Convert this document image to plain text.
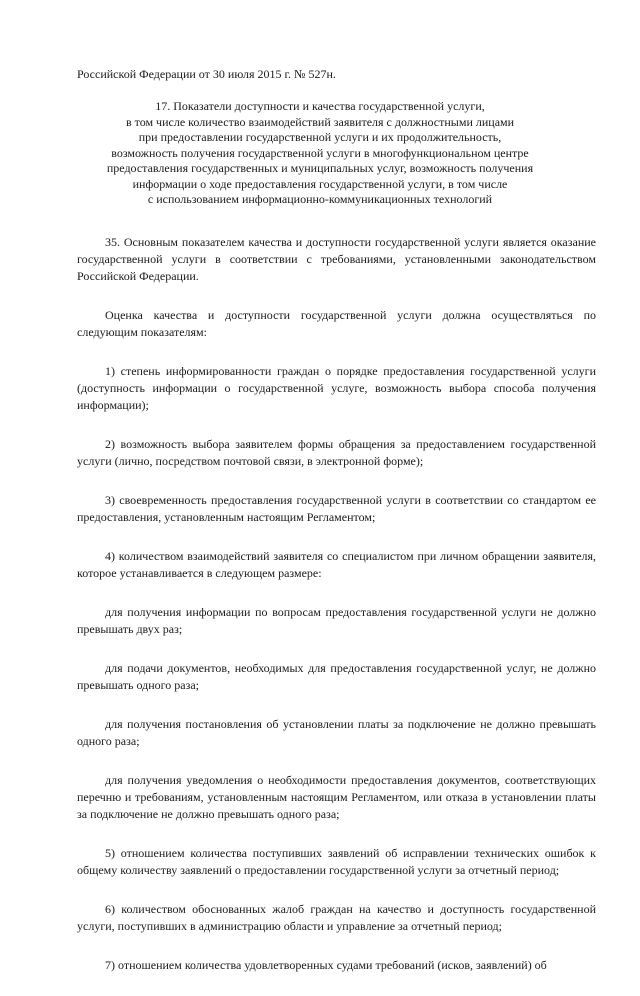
Российской Федерации от 30 июля 2015 г. № 527н.
17. Показатели доступности и качества государственной услуги,
в том числе количество взаимодействий заявителя с должностными лицами
при предоставлении государственной услуги и их продолжительность,
возможность получения государственной услуги в многофункциональном центре
предоставления государственных и муниципальных услуг, возможность получения
информации о ходе предоставления государственной услуги, в том числе
с использованием информационно-коммуникационных технологий

35. Основным показателем качества и доступности государственной услуги является оказание государственной услуги в соответствии с требованиями, установленными законодательством Российской Федерации.

Оценка качества и доступности государственной услуги должна осуществляться по следующим показателям:

1) степень информированности граждан о порядке предоставления государственной услуги (доступность информации о государственной услуге, возможность выбора способа получения информации);

2) возможность выбора заявителем формы обращения за предоставлением государственной услуги (лично, посредством почтовой связи, в электронной форме);

3) своевременность предоставления государственной услуги в соответствии со стандартом ее предоставления, установленным настоящим Регламентом;

4) количеством взаимодействий заявителя со специалистом при личном обращении заявителя, которое устанавливается в следующем размере:

для получения информации по вопросам предоставления государственной услуги не должно превышать двух раз;

для подачи документов, необходимых для предоставления государственной услуг, не должно превышать одного раза;

для получения постановления об установлении платы за подключение не должно превышать одного раза;

для получения уведомления о необходимости предоставления документов, соответствующих перечню и требованиям, установленным настоящим Регламентом, или отказа в установлении платы за подключение не должно превышать одного раза;

5) отношением количества поступивших заявлений об исправлении технических ошибок к общему количеству заявлений о предоставлении государственной услуги за отчетный период;

6) количеством обоснованных жалоб граждан на качество и доступность государственной услуги, поступивших в администрацию области и управление за отчетный период;

7) отношением количества удовлетворенных судами требований (исков, заявлений) об
